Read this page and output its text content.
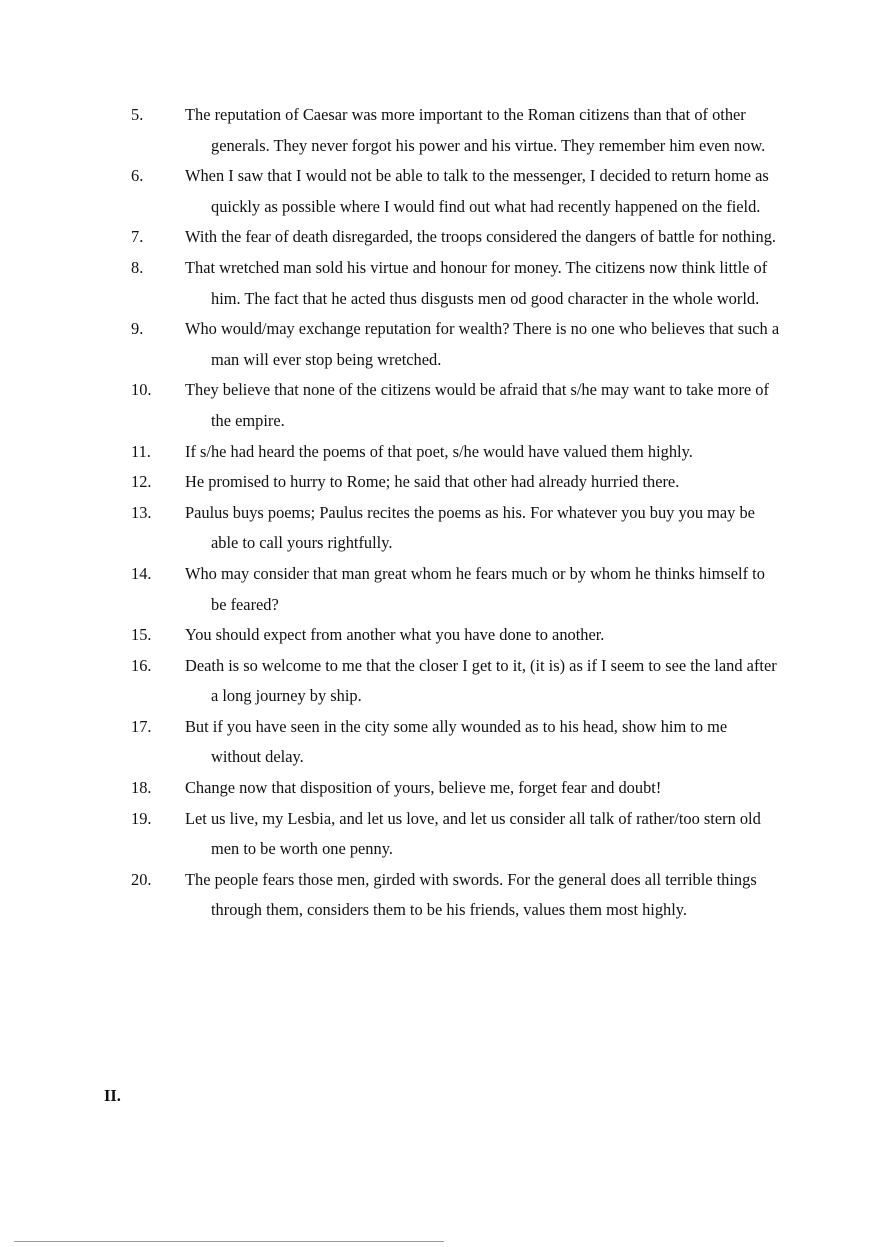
5.	The reputation of Caesar was more important to the Roman citizens than that of other generals. They never forgot his power and his virtue. They remember him even now.
6.	When I saw that I would not be able to talk to the messenger, I decided to return home as quickly as possible where I would find out what had recently happened on the field.
7.	With the fear of death disregarded, the troops considered the dangers of battle for nothing.
8.	That wretched man sold his virtue and honour for money. The citizens now think little of him. The fact that he acted thus disgusts men od good character in the whole world.
9.	Who would/may exchange reputation for wealth? There is no one who believes that such a man will ever stop being wretched.
10.	They believe that none of the citizens would be afraid that s/he may want to take more of the empire.
11.	If s/he had heard the poems of that poet, s/he would have valued them highly.
12.	He promised to hurry to Rome; he said that other had already hurried there.
13.	Paulus buys poems; Paulus recites the poems as his. For whatever you buy you may be able to call yours rightfully.
14.	Who may consider that man great whom he fears much or by whom he thinks himself to be feared?
15.	You should expect from another what you have done to another.
16.	Death is so welcome to me that the closer I get to it, (it is) as if I seem to see the land after a long journey by ship.
17.	But if you have seen in the city some ally wounded as to his head, show him to me without delay.
18.	Change now that disposition of yours, believe me, forget fear and doubt!
19.	Let us live, my Lesbia, and let us love, and let us consider all talk of rather/too stern old men to be worth one penny.
20.	The people fears those men, girded with swords. For the general does all terrible things through them, considers them to be his friends, values them most highly.
II.
